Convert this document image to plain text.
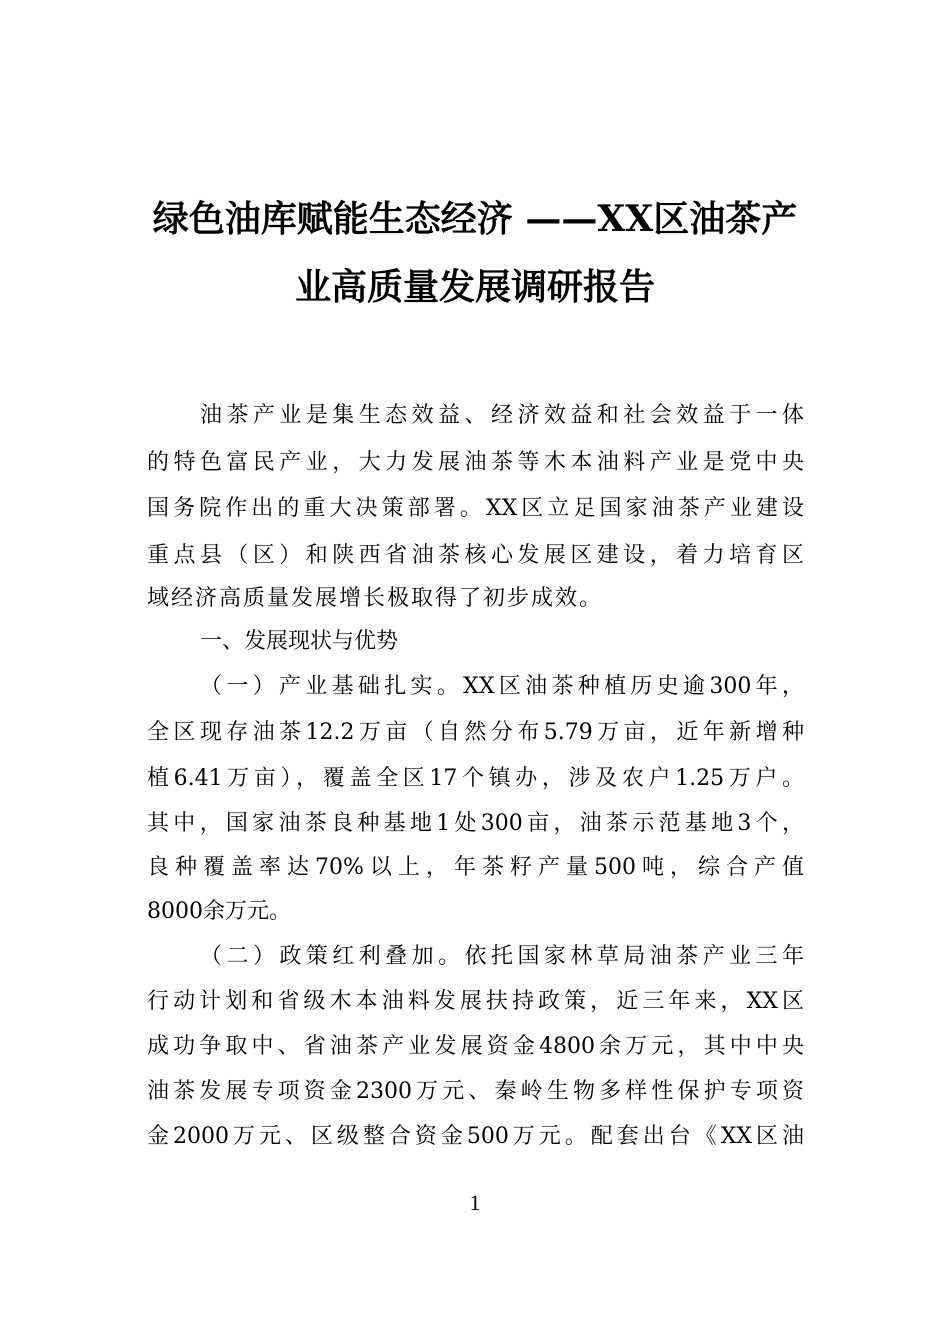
绿色油库赋能生态经济 ——XX区油茶产
业高质量发展调研报告
油茶产业是集生态效益、经济效益和社会效益于一体
的特色富民产业，大力发展油茶等木本油料产业是党中央
国务院作出的重大决策部署。XX区立足国家油茶产业建设
重点县（区）和陕西省油茶核心发展区建设，着力培育区
域经济高质量发展增长极取得了初步成效。
一、发展现状与优势
（一）产业基础扎实。XX区油茶种植历史逾300年，
全区现存油茶12.2万亩（自然分布5.79万亩，近年新增种
植6.41万亩），覆盖全区17个镇办，涉及农户1.25万户。
其中，国家油茶良种基地1处300亩，油茶示范基地3个，
良种覆盖率达70%以上，年茶籽产量500吨，综合产值
8000余万元。
（二）政策红利叠加。依托国家林草局油茶产业三年
行动计划和省级木本油料发展扶持政策，近三年来，XX区
成功争取中、省油茶产业发展资金4800余万元，其中中央
油茶发展专项资金2300万元、秦岭生物多样性保护专项资
金2000万元、区级整合资金500万元。配套出台《XX区油
1
